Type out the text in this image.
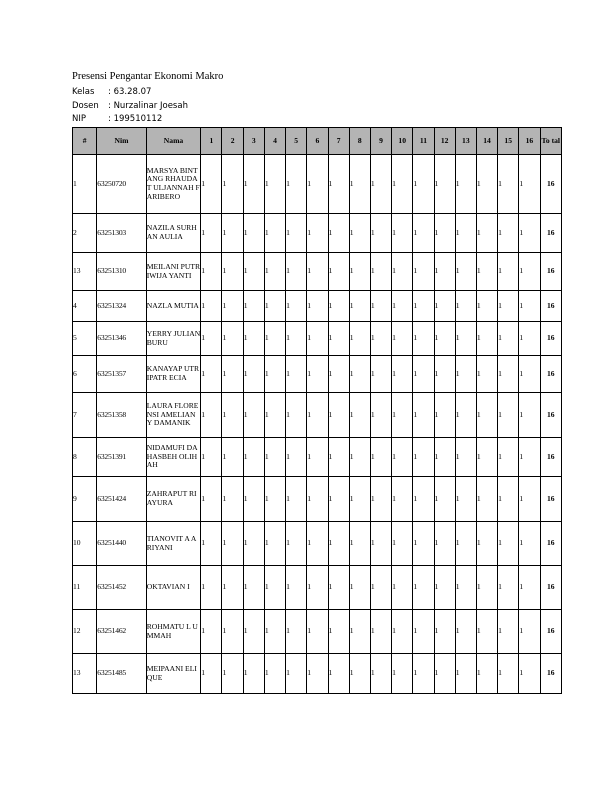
Presensi Pengantar Ekonomi Makro
Kelas : 63.28.07
Dosen : Nurzalinar Joesah
NIP	: 199510112
#	Nim	Nama	1	2	3	4	5	6	7	8	9	10	11	12	13	14	15	16	To tal
1	63250720	MARSYA BINTANG RHAUDAT ULJANNAH FARIBERO	1	1	1	1	1	1	1	1	1	1	1	1	1	1	1	1	16
2	63251303	NAZILA SURHAN AULIA	1	1	1	1	1	1	1	1	1	1	1	1	1	1	1	1	16
13	63251310	MEILANI PUTRIWIJA YANTI	1	1	1	1	1	1	1	1	1	1	1	1	1	1	1	1	16
4	63251324	NAZLA MUTIA	1	1	1	1	1	1	1	1	1	1	1	1	1	1	1	1	16
5	63251346	YERRY JULIAN BURU	1	1	1	1	1	1	1	1	1	1	1	1	1	1	1	1	16
6	63251357	KANAYAP UTRIPATR ECIA	1	1	1	1	1	1	1	1	1	1	1	1	1	1	1	1	16
7	63251358	LAURA FLORENSI AMELIANY DAMANIK	1	1	1	1	1	1	1	1	1	1	1	1	1	1	1	1	16
8	63251391	NIDAMUFI DAHASBEH OLIHAH	1	1	1	1	1	1	1	1	1	1	1	1	1	1	1	1	16
9	63251424	ZAHRAPUT RI AYURA	1	1	1	1	1	1	1	1	1	1	1	1	1	1	1	1	16
10	63251440	TIANOVIT A ARIYANI	1	1	1	1	1	1	1	1	1	1	1	1	1	1	1	1	16
11	63251452	OKTAVIAN I	1	1	1	1	1	1	1	1	1	1	1	1	1	1	1	1	16
12	63251462	ROHMATU L UMMAH	1	1	1	1	1	1	1	1	1	1	1	1	1	1	1	1	16
13	63251485	MEIPAANI ELIQUE	1	1	1	1	1	1	1	1	1	1	1	1	1	1	1	1	16
